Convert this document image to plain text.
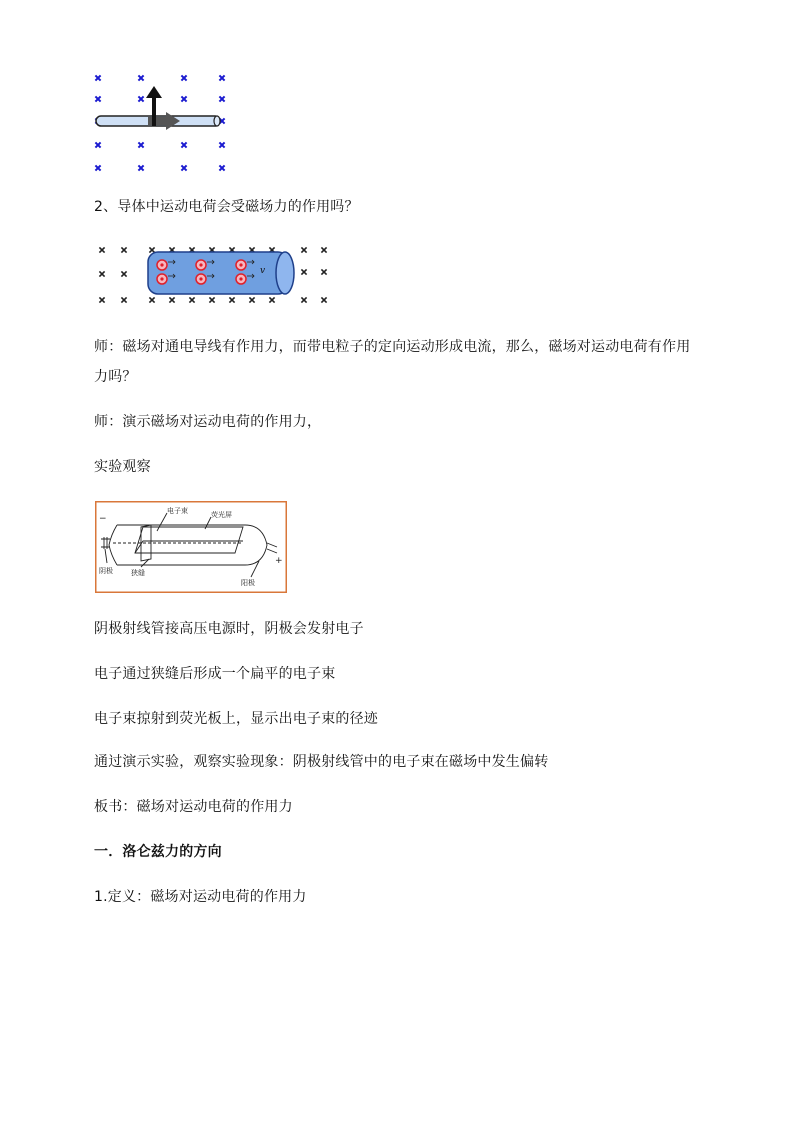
2、导体中运动电荷会受磁场力的作用吗？

v

师：磁场对通电导线有作用力，而带电粒子的定向运动形成电流，那么，磁场对运动电荷有作用力吗？

师：演示磁场对运动电荷的作用力，

实验观察

电子束	荧光屏
阴极	狭缝
阳极
−
+

阴极射线管接高压电源时，阴极会发射电子

电子通过狭缝后形成一个扁平的电子束

电子束掠射到荧光板上，显示出电子束的径迹

通过演示实验，观察实验现象：阴极射线管中的电子束在磁场中发生偏转

板书：磁场对运动电荷的作用力

一．洛仑兹力的方向

1.定义：磁场对运动电荷的作用力
